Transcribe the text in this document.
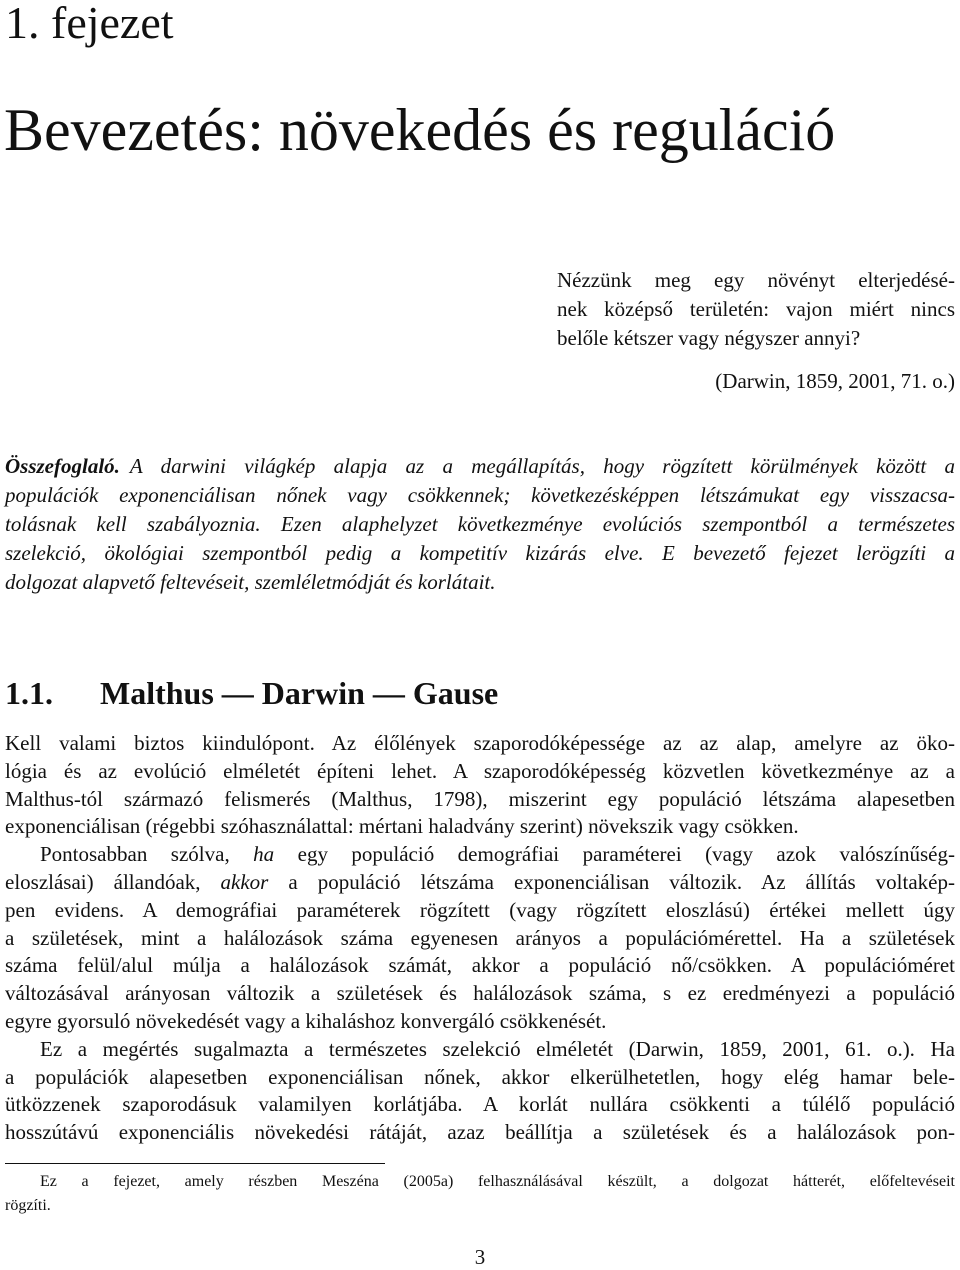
1. fejezet
Bevezetés: növekedés és reguláció
Nézzünk meg egy növényt elterjedésé-
nek középső területén: vajon miért nincs
belőle kétszer vagy négyszer annyi?
(Darwin, 1859, 2001, 71. o.)
Összefoglaló. A darwini világkép alapja az a megállapítás, hogy rögzített körülmények között a
populációk exponenciálisan nőnek vagy csökkennek; következésképpen létszámukat egy visszacsa-
tolásnak kell szabályoznia. Ezen alaphelyzet következménye evolúciós szempontból a természetes
szelekció, ökológiai szempontból pedig a kompetitív kizárás elve. E bevezető fejezet lerögzíti a
dolgozat alapvető feltevéseit, szemléletmódját és korlátait.
1.1. Malthus — Darwin — Gause
Kell valami biztos kiindulópont. Az élőlények szaporodóképessége az az alap, amelyre az öko-
lógia és az evolúció elméletét építeni lehet. A szaporodóképesség közvetlen következménye az a
Malthus-tól származó felismerés (Malthus, 1798), miszerint egy populáció létszáma alapesetben
exponenciálisan (régebbi szóhasználattal: mértani haladvány szerint) növekszik vagy csökken.
Pontosabban szólva, ha egy populáció demográfiai paraméterei (vagy azok valószínűség-
eloszlásai) állandóak, akkor a populáció létszáma exponenciálisan változik. Az állítás voltakép-
pen evidens. A demográfiai paraméterek rögzített (vagy rögzített eloszlású) értékei mellett úgy
a születések, mint a halálozások száma egyenesen arányos a populációmérettel. Ha a születések
száma felül/alul múlja a halálozások számát, akkor a populáció nő/csökken. A populációméret
változásával arányosan változik a születések és halálozások száma, s ez eredményezi a populáció
egyre gyorsuló növekedését vagy a kihaláshoz konvergáló csökkenését.
Ez a megértés sugalmazta a természetes szelekció elméletét (Darwin, 1859, 2001, 61. o.). Ha
a populációk alapesetben exponenciálisan nőnek, akkor elkerülhetetlen, hogy elég hamar bele-
ütközzenek szaporodásuk valamilyen korlátjába. A korlát nullára csökkenti a túlélő populáció
hosszútávú exponenciális növekedési rátáját, azaz beállítja a születések és a halálozások pon-
Ez a fejezet, amely részben Meszéna (2005a) felhasználásával készült, a dolgozat hátterét, előfeltevéseit
rögzíti.
3
